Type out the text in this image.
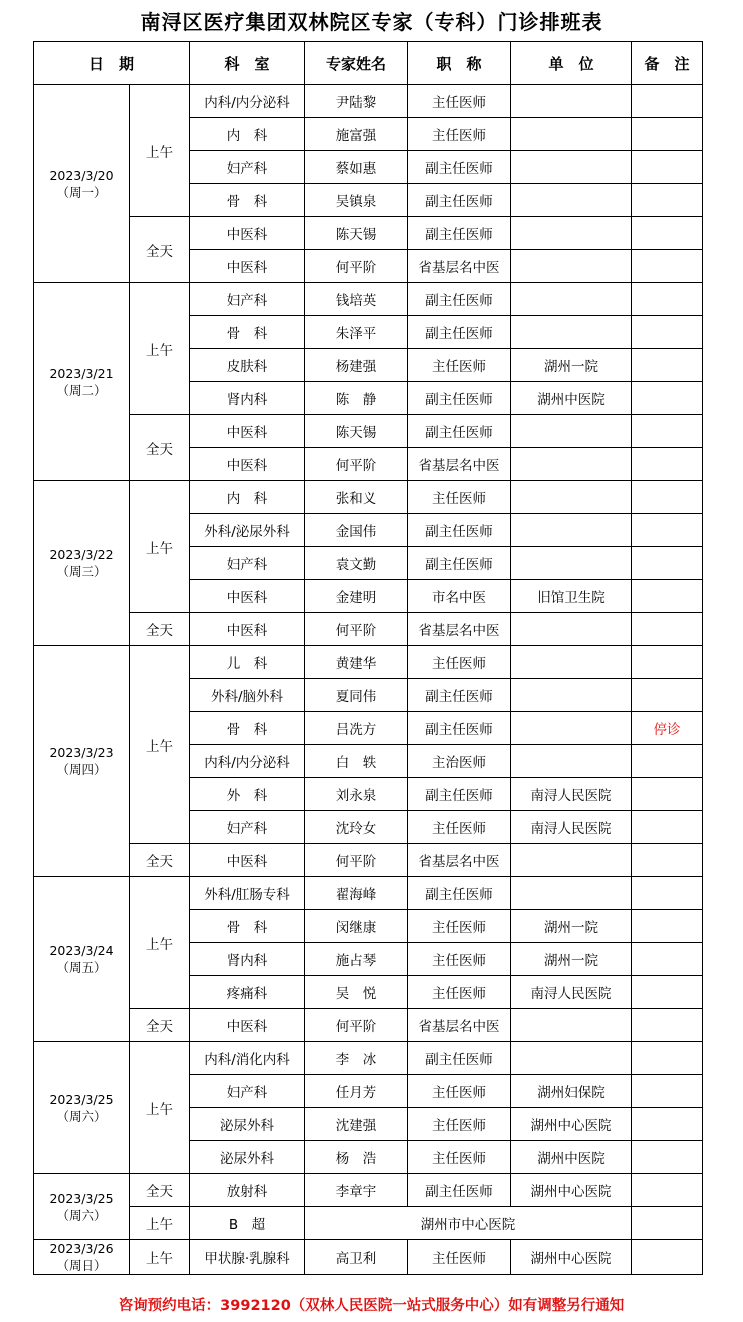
南浔区医疗集团双林院区专家（专科）门诊排班表
日　期		科　室	专家姓名	职　称	单　位	备　注

2023/3/20
（周一）	上午	内科/内分泌科	尹陆黎	主任医师		
		内　科	施富强	主任医师		
		妇产科	蔡如惠	副主任医师		
		骨　科	吴镇泉	副主任医师		
	全天	中医科	陈天锡	副主任医师		
		中医科	何平阶	省基层名中医		

2023/3/21
（周二）	上午	妇产科	钱培英	副主任医师		
		骨　科	朱泽平	副主任医师		
		皮肤科	杨建强	主任医师	湖州一院	
		肾内科	陈　静	副主任医师	湖州中医院	
	全天	中医科	陈天锡	副主任医师		
		中医科	何平阶	省基层名中医		

2023/3/22
（周三）	上午	内　科	张和义	主任医师		
		外科/泌尿外科	金国伟	副主任医师		
		妇产科	袁文勤	副主任医师		
		中医科	金建明	市名中医	旧馆卫生院	
	全天	中医科	何平阶	省基层名中医		

2023/3/23
（周四）	上午	儿　科	黄建华	主任医师		
		外科/脑外科	夏同伟	副主任医师		
		骨　科	吕冼方	副主任医师		停诊
		内科/内分泌科	白　轶	主治医师		
		外　科	刘永泉	副主任医师	南浔人民医院	
		妇产科	沈玲女	主任医师	南浔人民医院	
	全天	中医科	何平阶	省基层名中医		

2023/3/24
（周五）	上午	外科/肛肠专科	翟海峰	副主任医师		
		骨　科	闵继康	主任医师	湖州一院	
		肾内科	施占琴	主任医师	湖州一院	
		疼痛科	吴　悦	主任医师	南浔人民医院	
	全天	中医科	何平阶	省基层名中医		

2023/3/25
（周六）	上午	内科/消化内科	李　冰	副主任医师		
		妇产科	任月芳	主任医师	湖州妇保院	
		泌尿外科	沈建强	主任医师	湖州中心医院	
		泌尿外科	杨　浩	主任医师	湖州中医院	

2023/3/25
（周六）	全天	放射科	李章宇	副主任医师	湖州中心医院	
	上午	B　超	湖州市中心医院			

2023/3/26
（周日）	上午	甲状腺·乳腺科	高卫利	主任医师	湖州中心医院	
咨询预约电话：3992120（双林人民医院一站式服务中心）如有调整另行通知
